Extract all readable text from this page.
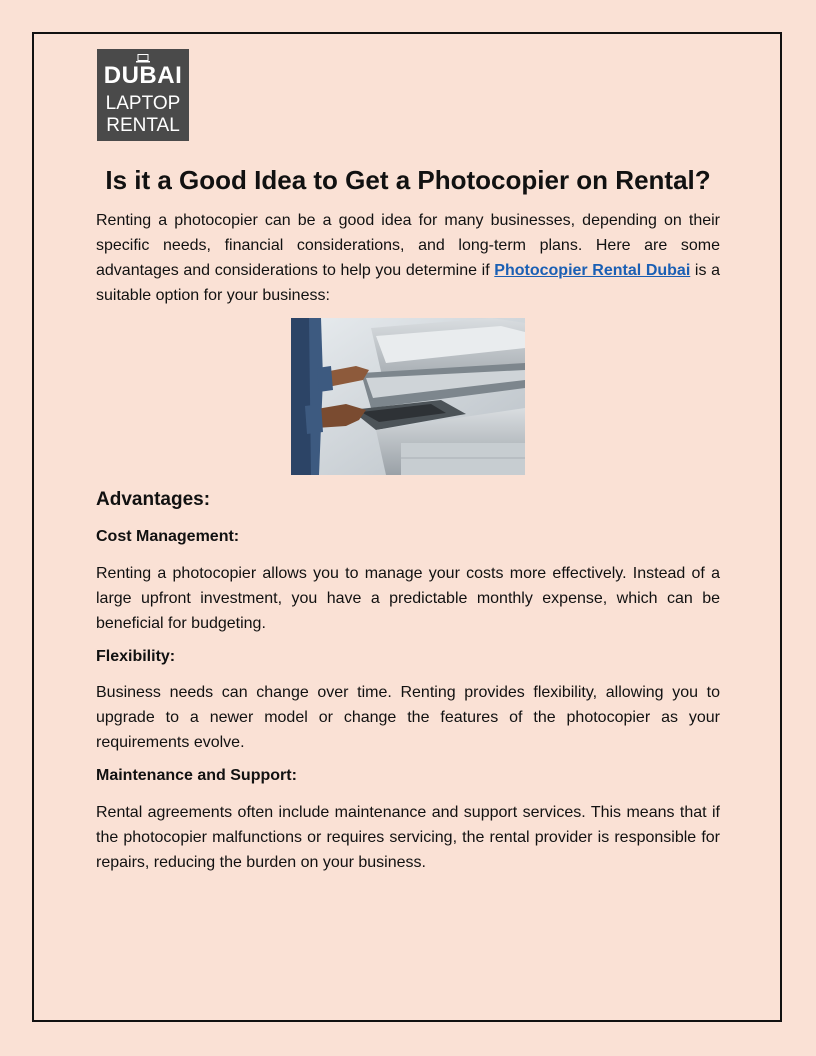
DUBAI
LAPTOP
RENTAL
Is it a Good Idea to Get a Photocopier on Rental?

Renting a photocopier can be a good idea for many businesses, depending on their specific needs, financial considerations, and long-term plans. Here are some advantages and considerations to help you determine if Photocopier Rental Dubai is a suitable option for your business:

Advantages:
Cost Management:

Renting a photocopier allows you to manage your costs more effectively. Instead of a large upfront investment, you have a predictable monthly expense, which can be beneficial for budgeting.

Flexibility:

Business needs can change over time. Renting provides flexibility, allowing you to upgrade to a newer model or change the features of the photocopier as your requirements evolve.

Maintenance and Support:

Rental agreements often include maintenance and support services. This means that if the photocopier malfunctions or requires servicing, the rental provider is responsible for repairs, reducing the burden on your business.
